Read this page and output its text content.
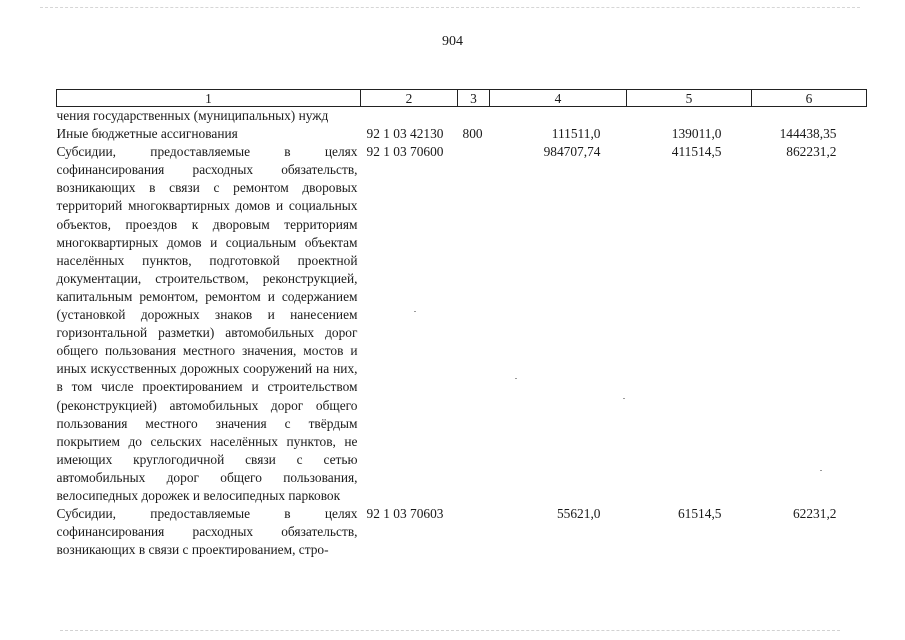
904
1	2	3	4	5	6
чения государственных (муниципальных) нужд					
Иные бюджетные ассигнования	92 1 03 42130	800	111511,0	139011,0	144438,35
Субсидии, предоставляемые в целях софинансирования расходных обязательств, возникающих в связи с ремонтом дворовых территорий многоквартирных домов и социальных объектов, проездов к дворовым территориям многоквартирных домов и социальным объектам населённых пунктов, подготовкой проектной документации, строительством, реконструкцией, капитальным ремонтом, ремонтом и содержанием (установкой дорожных знаков и нанесением горизонтальной разметки) автомобильных дорог общего пользования местного значения, мостов и иных искусственных дорожных сооружений на них, в том числе проектированием и строительством (реконструкцией) автомобильных дорог общего пользования местного значения с твёрдым покрытием до сельских населённых пунктов, не имеющих круглогодичной связи с сетью автомобильных дорог общего пользования, велосипедных дорожек и велосипедных парковок	92 1 03 70600		984707,74	411514,5	862231,2
Субсидии, предоставляемые в целях софинансирования расходных обязательств, возникающих в связи с проектированием, стро-	92 1 03 70603		55621,0	61514,5	62231,2
